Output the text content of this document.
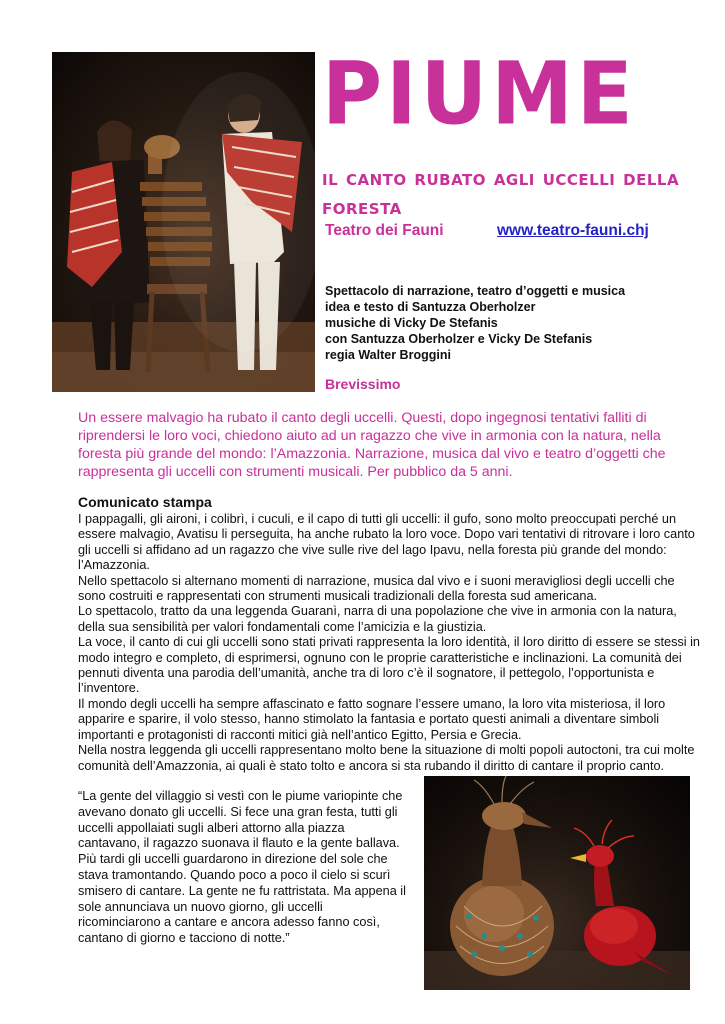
PIUME
il canto rubato agli uccelli della foresta
Teatro dei Fauni	www.teatro-fauni.chj
Spettacolo di narrazione, teatro d’oggetti e musica
idea e testo di Santuzza Oberholzer
musiche di Vicky De Stefanis
con Santuzza Oberholzer e Vicky De Stefanis
regia Walter Broggini
Brevissimo

Un essere malvagio ha rubato il canto degli uccelli. Questi, dopo ingegnosi tentativi falliti di riprendersi le loro voci, chiedono aiuto ad un ragazzo che vive in armonia con la natura, nella foresta più grande del mondo: l’Amazzonia. Narrazione, musica dal vivo e teatro d’oggetti che rappresenta gli uccelli con strumenti musicali. Per pubblico da 5 anni.

Comunicato stampa

I pappagalli, gli aironi, i colibrì, i cuculi, e il capo di tutti gli uccelli: il gufo, sono molto preoccupati perché un essere malvagio, Avatisu li perseguita, ha anche rubato la loro voce. Dopo vari tentativi di ritrovare i loro canto gli uccelli si affidano ad un ragazzo che vive sulle rive del lago Ipavu, nella foresta più grande del mondo: l’Amazzonia.

Nello spettacolo si alternano momenti di narrazione, musica dal vivo e i suoni meravigliosi degli uccelli che sono costruiti e rappresentati con strumenti musicali tradizionali della foresta sud americana.

Lo spettacolo, tratto da una leggenda Guaranì, narra di una popolazione che vive in armonia con la natura, della sua sensibilità per valori fondamentali come l’amicizia e la giustizia.

La voce, il canto di cui gli uccelli sono stati privati rappresenta la loro identità, il loro diritto di essere se stessi in modo integro e completo, di esprimersi, ognuno con le proprie caratteristiche e inclinazioni. La comunità dei pennuti diventa una parodia dell’umanità, anche tra di loro c’è il sognatore, il pettegolo, l’opportunista e l’inventore.

Il mondo degli uccelli ha sempre affascinato e fatto sognare l’essere umano, la loro vita misteriosa, il loro apparire e sparire, il volo stesso, hanno stimolato la fantasia e portato questi animali a diventare simboli importanti e protagonisti di racconti mitici già nell’antico Egitto, Persia e Grecia.

Nella nostra leggenda gli uccelli rappresentano molto bene la situazione di molti popoli autoctoni, tra cui molte comunità dell’Amazzonia, ai quali è stato tolto e ancora si sta rubando il diritto di cantare il proprio canto.

“La gente del villaggio si vestì con le piume variopinte che avevano donato gli uccelli. Si fece una gran festa, tutti gli uccelli appollaiati sugli alberi attorno alla piazza cantavano, il ragazzo suonava il flauto e la gente ballava. Più tardi gli uccelli guardarono in direzione del sole che stava tramontando. Quando poco a poco il cielo si scurì smisero di cantare. La gente ne fu rattristata. Ma appena il sole annunciava un nuovo giorno, gli uccelli ricominciarono a cantare e ancora adesso fanno così, cantano di giorno e tacciono di notte.”
